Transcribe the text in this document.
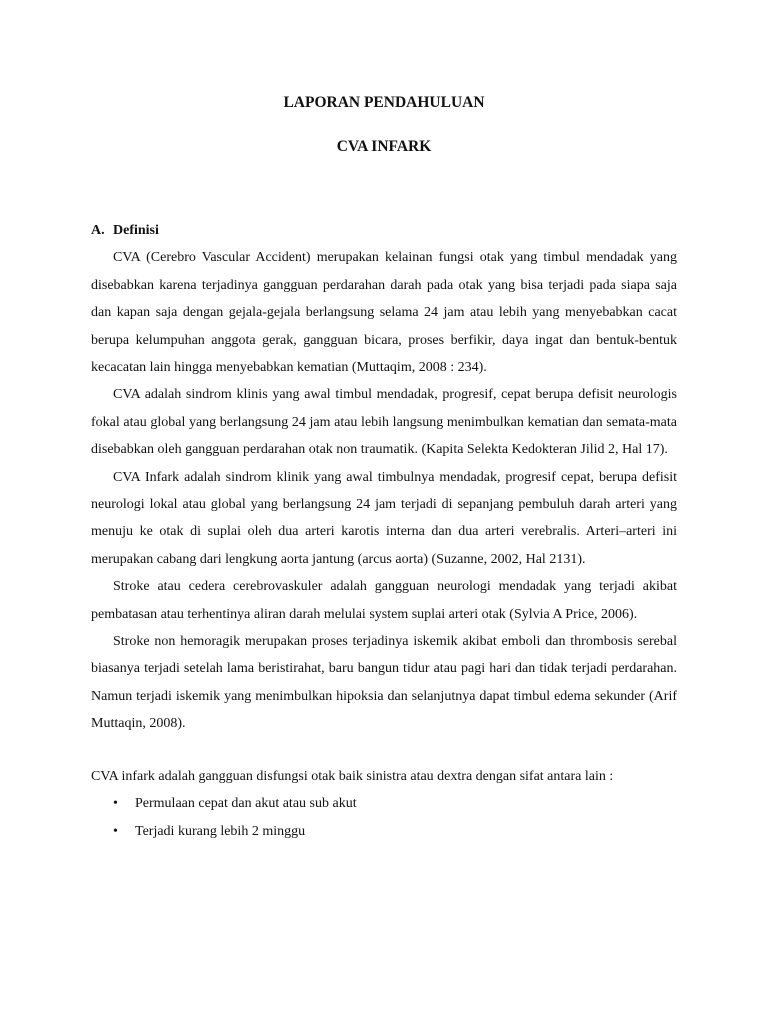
LAPORAN PENDAHULUAN
CVA INFARK
A. Definisi

CVA (Cerebro Vascular Accident) merupakan kelainan fungsi otak yang timbul mendadak yang disebabkan karena terjadinya gangguan perdarahan darah pada otak yang bisa terjadi pada siapa saja dan kapan saja dengan gejala-gejala berlangsung selama 24 jam atau lebih yang menyebabkan cacat berupa kelumpuhan anggota gerak, gangguan bicara, proses berfikir, daya ingat dan bentuk-bentuk kecacatan lain hingga menyebabkan kematian (Muttaqim, 2008 : 234).

CVA adalah sindrom klinis yang awal timbul mendadak, progresif, cepat berupa defisit neurologis fokal atau global yang berlangsung 24 jam atau lebih langsung menimbulkan kematian dan semata-mata disebabkan oleh gangguan perdarahan otak non traumatik. (Kapita Selekta Kedokteran Jilid 2, Hal 17).

CVA Infark adalah sindrom klinik yang awal timbulnya mendadak, progresif cepat, berupa defisit neurologi lokal atau global yang berlangsung 24 jam terjadi di sepanjang pembuluh darah arteri yang menuju ke otak di suplai oleh dua arteri karotis interna dan dua arteri verebralis. Arteri–arteri ini merupakan cabang dari lengkung aorta jantung (arcus aorta) (Suzanne, 2002, Hal 2131).

Stroke atau cedera cerebrovaskuler adalah gangguan neurologi mendadak yang terjadi akibat pembatasan atau terhentinya aliran darah melulai system suplai arteri otak (Sylvia A Price, 2006).

Stroke non hemoragik merupakan proses terjadinya iskemik akibat emboli dan thrombosis serebal biasanya terjadi setelah lama beristirahat, baru bangun tidur atau pagi hari dan tidak terjadi perdarahan. Namun terjadi iskemik yang menimbulkan hipoksia dan selanjutnya dapat timbul edema sekunder (Arif Muttaqin, 2008).

CVA infark adalah gangguan disfungsi otak baik sinistra atau dextra dengan sifat antara lain :

• Permulaan cepat dan akut atau sub akut
• Terjadi kurang lebih 2 minggu
